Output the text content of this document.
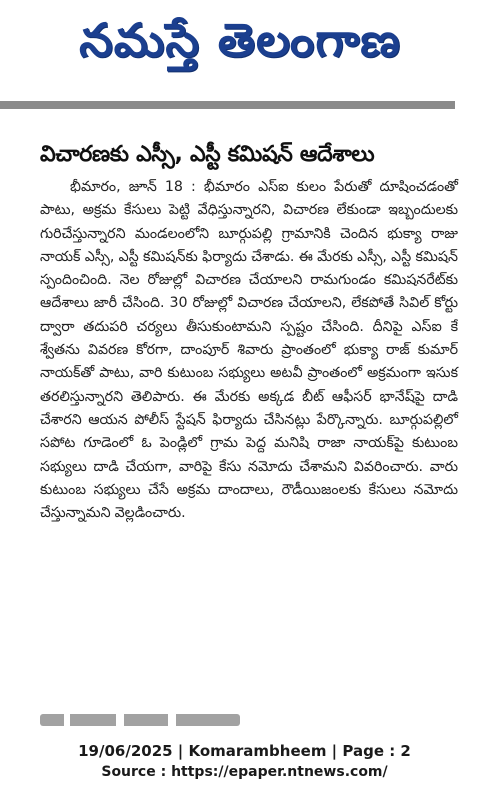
నమస్తే తెలంగాణ
విచారణకు ఎస్సీ, ఎస్టీ కమిషన్ ఆదేశాలు

భీమారం, జూన్ 18 : భీమారం ఎస్ఐ కులం పేరుతో దూషించడంతో పాటు, అక్రమ కేసులు పెట్టి వేధిస్తున్నారని, విచారణ లేకుండా ఇబ్బందులకు గురిచేస్తున్నారని మండలంలోని బూర్గుపల్లి గ్రామానికి చెందిన భుక్యా రాజు నాయక్ ఎస్సీ, ఎస్టీ కమిషన్‌కు ఫిర్యాదు చేశాడు. ఈ మేరకు ఎస్సీ, ఎస్టీ కమిషన్ స్పందించింది. నెల రోజుల్లో విచారణ చేయాలని రామగుండం కమిషనరేట్‌కు ఆదేశాలు జారీ చేసింది. 30 రోజుల్లో విచారణ చేయాలని, లేకపోతే సివిల్ కోర్టు ద్వారా తదుపరి చర్యలు తీసుకుంటామని స్పష్టం చేసింది. దీనిపై ఎస్ఐ కే శ్వేతను వివరణ కోరగా, దాంపూర్ శివారు ప్రాంతంలో భుక్యా రాజ్ కుమార్ నాయక్‌తో పాటు, వారి కుటుంబ సభ్యులు అటవీ ప్రాంతంలో అక్రమంగా ఇసుక తరలిస్తున్నారని తెలిపారు. ఈ మేరకు అక్కడ బీట్ ఆఫీసర్ భానేష్‌పై దాడి చేశారని ఆయన పోలీస్ స్టేషన్ ఫిర్యాదు చేసినట్లు పేర్కొన్నారు. బూర్గుపల్లిలో సపోట గూడెంలో ఓ పెండ్లిలో గ్రామ పెద్ద మనిషి రాజా నాయక్‌పై కుటుంబ సభ్యులు దాడి చేయగా, వారిపై కేసు నమోదు చేశామని వివరించారు. వారు కుటుంబ సభ్యులు చేసే అక్రమ దాందాలు, రౌడీయిజంలకు కేసులు నమోదు చేస్తున్నామని వెల్లడించారు.

19/06/2025 | Komarambheem | Page : 2
Source : https://epaper.ntnews.com/
